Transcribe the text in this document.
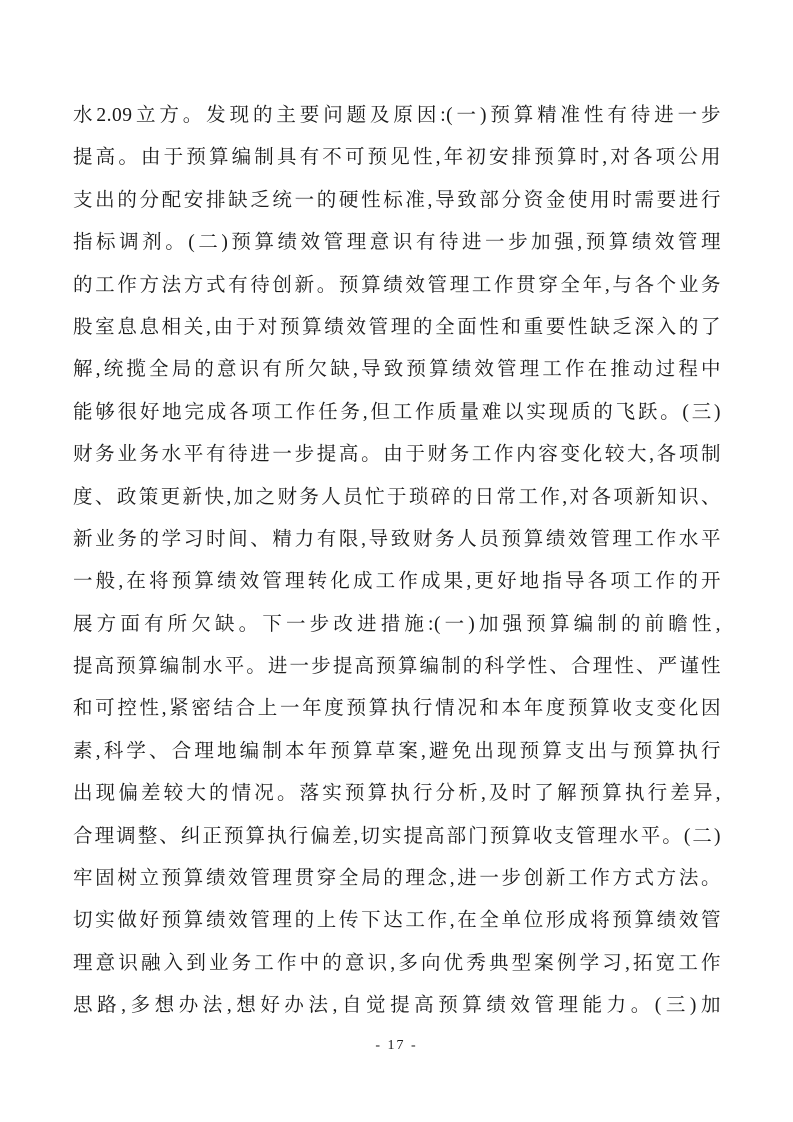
水2.09立方。发现的主要问题及原因:(一)预算精准性有待进一步
提高。由于预算编制具有不可预见性,年初安排预算时,对各项公用
支出的分配安排缺乏统一的硬性标准,导致部分资金使用时需要进行
指标调剂。(二)预算绩效管理意识有待进一步加强,预算绩效管理
的工作方法方式有待创新。预算绩效管理工作贯穿全年,与各个业务
股室息息相关,由于对预算绩效管理的全面性和重要性缺乏深入的了
解,统揽全局的意识有所欠缺,导致预算绩效管理工作在推动过程中
能够很好地完成各项工作任务,但工作质量难以实现质的飞跃。(三)
财务业务水平有待进一步提高。由于财务工作内容变化较大,各项制
度、政策更新快,加之财务人员忙于琐碎的日常工作,对各项新知识、
新业务的学习时间、精力有限,导致财务人员预算绩效管理工作水平
一般,在将预算绩效管理转化成工作成果,更好地指导各项工作的开
展方面有所欠缺。下一步改进措施:(一)加强预算编制的前瞻性,
提高预算编制水平。进一步提高预算编制的科学性、合理性、严谨性
和可控性,紧密结合上一年度预算执行情况和本年度预算收支变化因
素,科学、合理地编制本年预算草案,避免出现预算支出与预算执行
出现偏差较大的情况。落实预算执行分析,及时了解预算执行差异,
合理调整、纠正预算执行偏差,切实提高部门预算收支管理水平。(二)
牢固树立预算绩效管理贯穿全局的理念,进一步创新工作方式方法。
切实做好预算绩效管理的上传下达工作,在全单位形成将预算绩效管
理意识融入到业务工作中的意识,多向优秀典型案例学习,拓宽工作
思路,多想办法,想好办法,自觉提高预算绩效管理能力。(三)加
- 17 -
